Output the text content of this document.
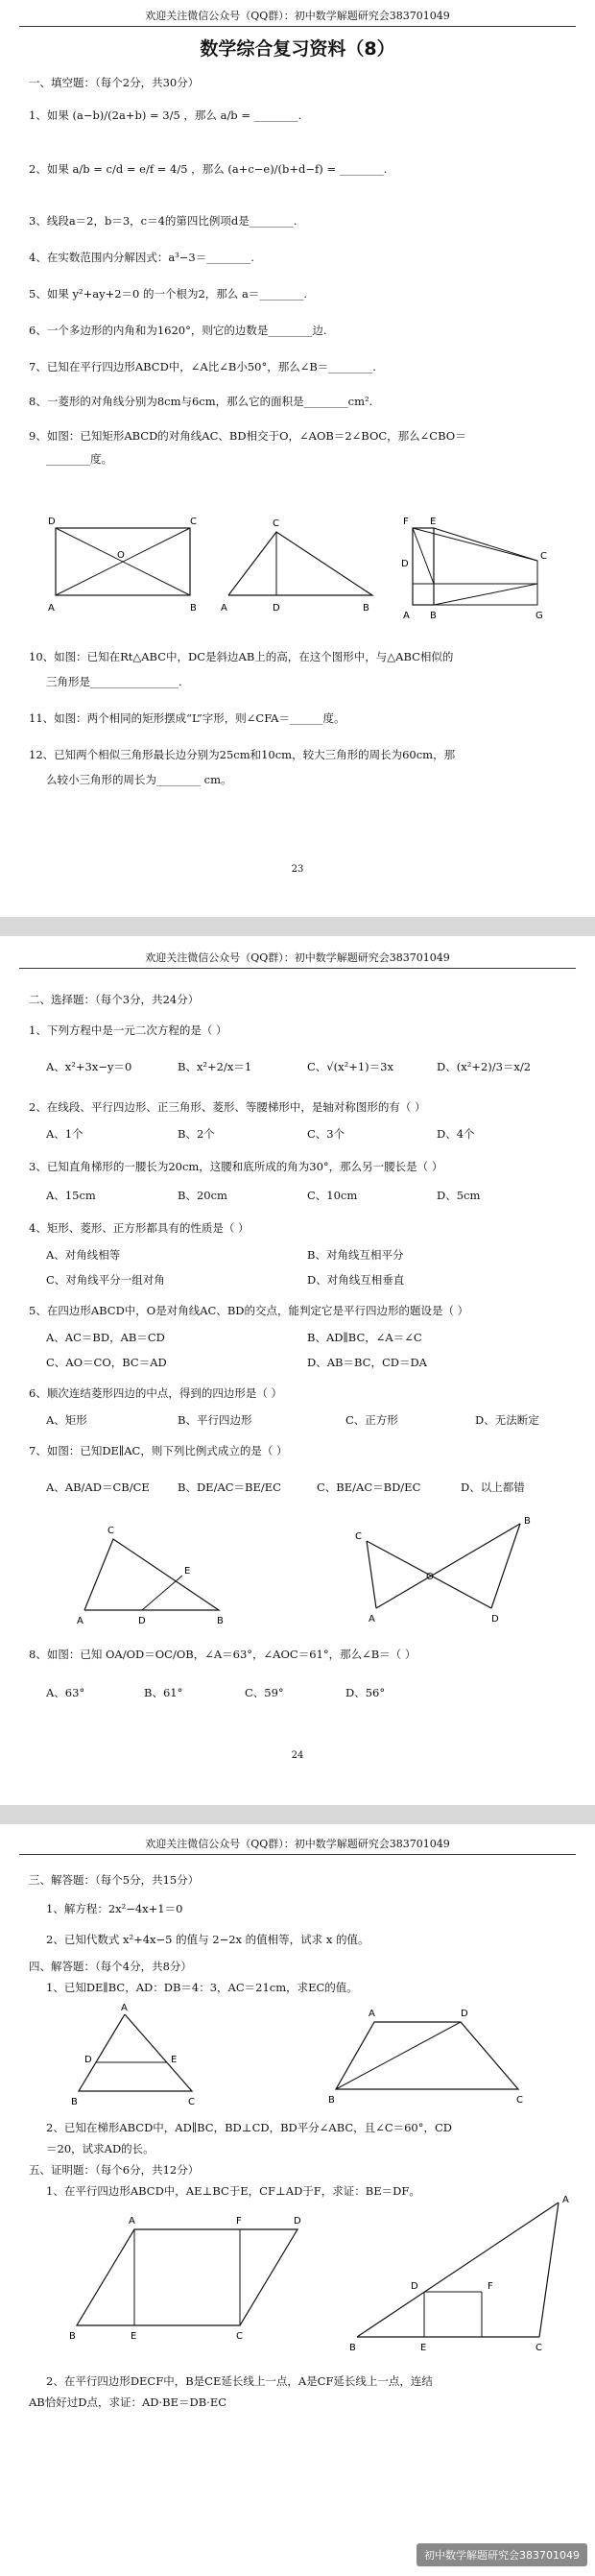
欢迎关注微信公众号（QQ群）：初中数学解题研究会383701049
数学综合复习资料（8）
一、填空题：（每个2分，共30分）
1、如果 (a−b)/(2a+b) = 3/5 ，那么 a/b = ________.
2、如果 a/b = c/d = e/f = 4/5 ，那么 (a+c−e)/(b+d−f) = ________.
3、线段a＝2，b＝3，c＝4的第四比例项d是________.
4、在实数范围内分解因式：a³−3＝________.
5、如果 y²+ay+2＝0 的一个根为2，那么 a＝________.
6、一个多边形的内角和为1620°，则它的边数是________边.
7、已知在平行四边形ABCD中，∠A比∠B小50°，那么∠B＝________.
8、一菱形的对角线分别为8cm与6cm，那么它的面积是________cm².
9、如图：已知矩形ABCD的对角线AC、BD相交于O，∠AOB＝2∠BOC，那么∠CBO＝
________度。
D	C
O
A	B
C
A	D	B
F E
C
D
A B	G
10、如图：已知在Rt△ABC中，DC是斜边AB上的高，在这个图形中，与△ABC相似的
三角形是________________.
11、如图：两个相同的矩形摆成“L”字形，则∠CFA＝______度。
12、已知两个相似三角形最长边分别为25cm和10cm，较大三角形的周长为60cm，那
么较小三角形的周长为________ cm。
23
欢迎关注微信公众号（QQ群）：初中数学解题研究会383701049
二、选择题：（每个3分，共24分）
1、下列方程中是一元二次方程的是（ ）
A、x²+3x−y＝0	B、x²+2/x＝1	C、√(x²+1)＝3x	D、(x²+2)/3＝x/2
2、在线段、平行四边形、正三角形、菱形、等腰梯形中，是轴对称图形的有（ ）
A、1个	B、2个	C、3个	D、4个
3、已知直角梯形的一腰长为20cm，这腰和底所成的角为30°，那么另一腰长是（ ）
A、15cm	B、20cm	C、10cm	D、5cm
4、矩形、菱形、正方形都具有的性质是（ ）
A、对角线相等	B、对角线互相平分
C、对角线平分一组对角	D、对角线互相垂直
5、在四边形ABCD中，O是对角线AC、BD的交点，能判定它是平行四边形的题设是（ ）
A、AC＝BD，AB＝CD	B、AD∥BC，∠A＝∠C
C、AO＝CO，BC＝AD	D、AB＝BC，CD＝DA
6、顺次连结菱形四边的中点，得到的四边形是（ ）
A、矩形	B、平行四边形	C、正方形	D、无法断定
7、如图：已知DE∥AC，则下列比例式成立的是（ ）
A、AB/AD＝CB/CE	B、DE/AC＝BE/EC	C、BE/AC＝BD/EC	D、以上都错
C
E
A	D	B
C
B
O
A	D
8、如图：已知 OA/OD＝OC/OB，∠A＝63°，∠AOC＝61°，那么∠B＝（ ）
A、63°	B、61°	C、59°	D、56°
24
欢迎关注微信公众号（QQ群）：初中数学解题研究会383701049
三、解答题：（每个5分，共15分）
1、解方程：2x²−4x+1＝0
2、已知代数式 x²+4x−5 的值与 2−2x 的值相等，试求 x 的值。
四、解答题：（每个4分，共8分）
1、已知DE∥BC，AD：DB＝4：3，AC＝21cm，求EC的值。
A
D	E
B	C
A	D
B	C
2、已知在梯形ABCD中，AD∥BC，BD⊥CD，BD平分∠ABC，且∠C＝60°，CD
＝20，试求AD的长。
五、证明题：（每个6分，共12分）
1、在平行四边形ABCD中，AE⊥BC于E，CF⊥AD于F，求证：BE＝DF。
A	F	D
B	E	C
A
D	F
B	E	C
2、在平行四边形DECF中，B是CE延长线上一点，A是CF延长线上一点，连结
AB恰好过D点，求证：AD·BE＝DB·EC
初中数学解题研究会383701049
